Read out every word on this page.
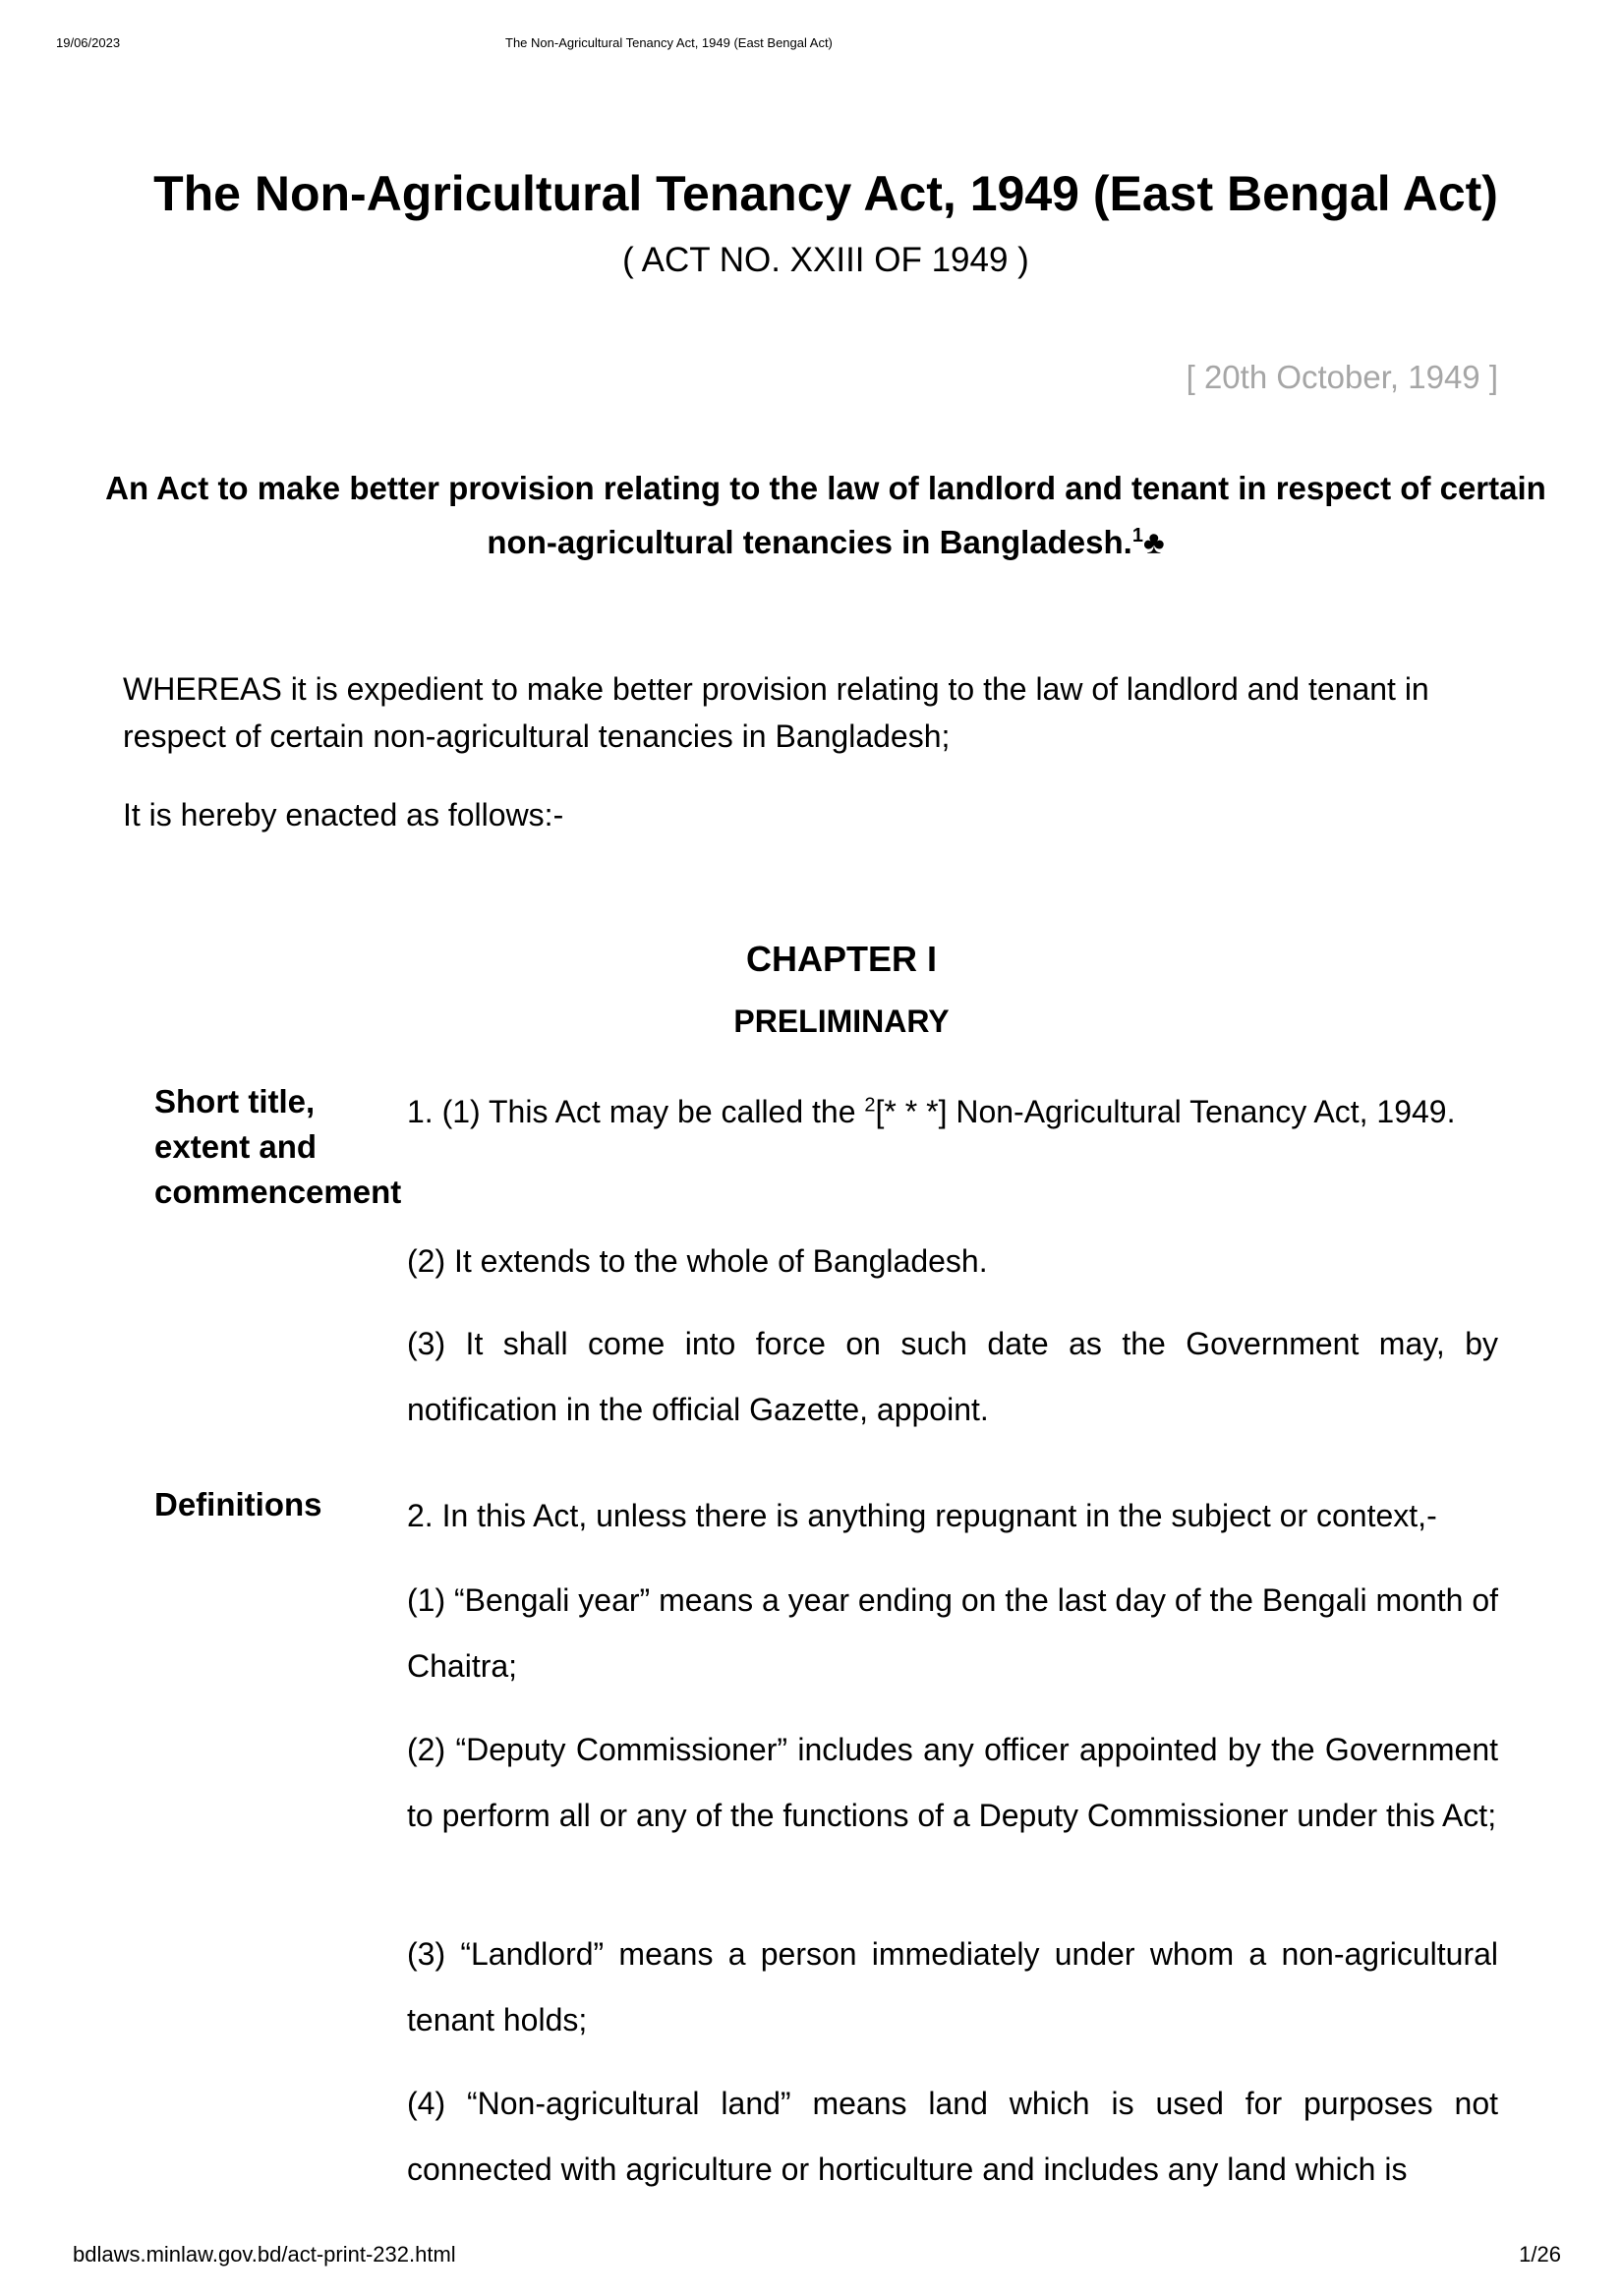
19/06/2023	The Non-Agricultural Tenancy Act, 1949 (East Bengal Act)
The Non-Agricultural Tenancy Act, 1949 (East Bengal Act)
( ACT NO. XXIII OF 1949 )
[ 20th October, 1949 ]
An Act to make better provision relating to the law of landlord and tenant in respect of certain non-agricultural tenancies in Bangladesh.$^1$♣

WHEREAS it is expedient to make better provision relating to the law of landlord and tenant in respect of certain non-agricultural tenancies in Bangladesh;

It is hereby enacted as follows:-

CHAPTER I
PRELIMINARY
Short title, extent and commencement

1. (1) This Act may be called the $^2$[* * *] Non-Agricultural Tenancy Act, 1949.

(2) It extends to the whole of Bangladesh.

(3) It shall come into force on such date as the Government may, by notification in the official Gazette, appoint.

Definitions	2. In this Act, unless there is anything repugnant in the subject or context,-

(1) “Bengali year” means a year ending on the last day of the Bengali month of Chaitra;

(2) “Deputy Commissioner” includes any officer appointed by the Government to perform all or any of the functions of a Deputy Commissioner under this Act;

(3) “Landlord” means a person immediately under whom a non-agricultural tenant holds;

(4) “Non-agricultural land” means land which is used for purposes not connected with agriculture or horticulture and includes any land which is

bdlaws.minlaw.gov.bd/act-print-232.html	1/26
